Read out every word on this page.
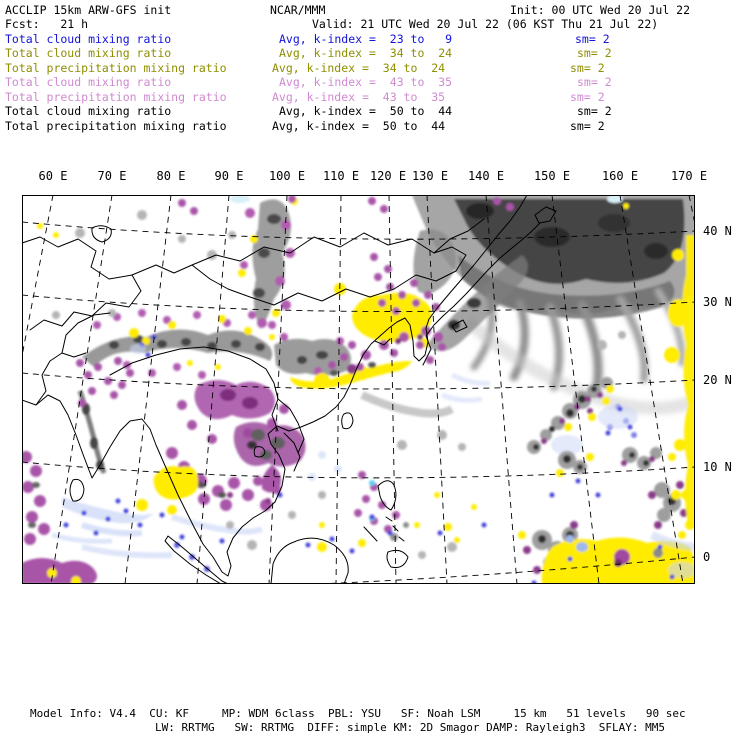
ACCLIP 15km ARW-GFS init	NCAR/MMM	Init: 00 UTC Wed 20 Jul 22
Fcst:   21 h	Valid: 21 UTC Wed 20 Jul 22 (06 KST Thu 21 Jul 22)
Total cloud mixing ratio	Avg, k-index =  23 to   9	sm= 2
Total cloud mixing ratio	Avg, k-index =  34 to  24	sm= 2
Total precipitation mixing ratio	Avg, k-index =  34 to  24	sm= 2
Total cloud mixing ratio	Avg, k-index =  43 to  35	sm= 2
Total precipitation mixing ratio	Avg, k-index =  43 to  35	sm= 2
Total cloud mixing ratio	Avg, k-index =  50 to  44	sm= 2
Total precipitation mixing ratio	Avg, k-index =  50 to  44	sm= 2
60 E	70 E	80 E 90 E 100 E 110 E 120 E 130 E 140 E 150 E	160 E	170 E
40 N
30 N
20 N
10 N
0
Model Info: V4.4  CU: KF     MP: WDM 6class  PBL: YSU   SF: Noah LSM     15 km   51 levels   90 sec
LW: RRTMG   SW: RRTMG  DIFF: simple KM: 2D Smagor DAMP: Rayleigh3  SFLAY: MM5
